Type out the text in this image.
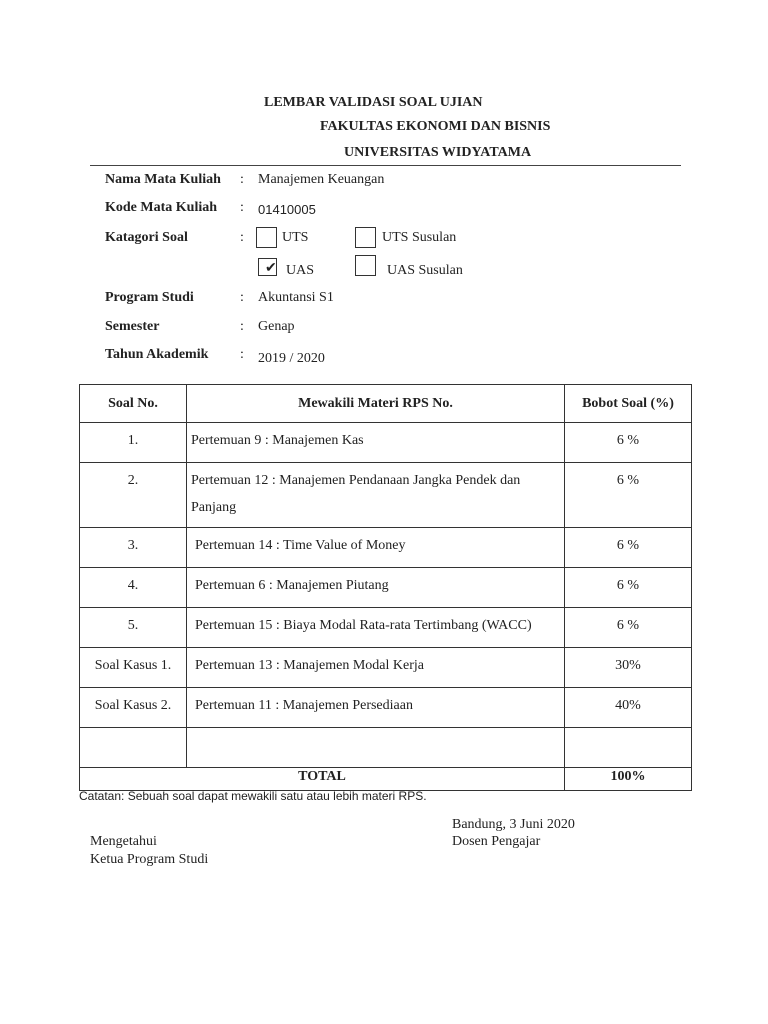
LEMBAR VALIDASI SOAL UJIAN
FAKULTAS EKONOMI DAN BISNIS
UNIVERSITAS WIDYATAMA
Nama Mata Kuliah : Manajemen Keuangan
Kode Mata Kuliah : 01410005
Katagori Soal	:	UTS	UTS Susulan
✔ UAS	UAS Susulan
Program Studi	: Akuntansi S1
Semester	: Genap
Tahun Akademik : 2019 / 2020
Soal No.	Mewakili Materi RPS No.	Bobot Soal (%)
1.	Pertemuan 9 : Manajemen Kas	6 %
2.	Pertemuan 12 : Manajemen Pendanaan Jangka Pendek dan Panjang	6 %
3.	Pertemuan 14 : Time Value of Money	6 %
4.	Pertemuan 6 : Manajemen Piutang	6 %
5.	Pertemuan 15 : Biaya Modal Rata-rata Tertimbang (WACC)	6 %
Soal Kasus 1.	Pertemuan 13 : Manajemen Modal Kerja	30%
Soal Kasus 2.	Pertemuan 11 : Manajemen Persediaan	40%

TOTAL		100%
Catatan: Sebuah soal dapat mewakili satu atau lebih materi RPS.
Bandung, 3 Juni 2020
Mengetahui	Dosen Pengajar
Ketua Program Studi
